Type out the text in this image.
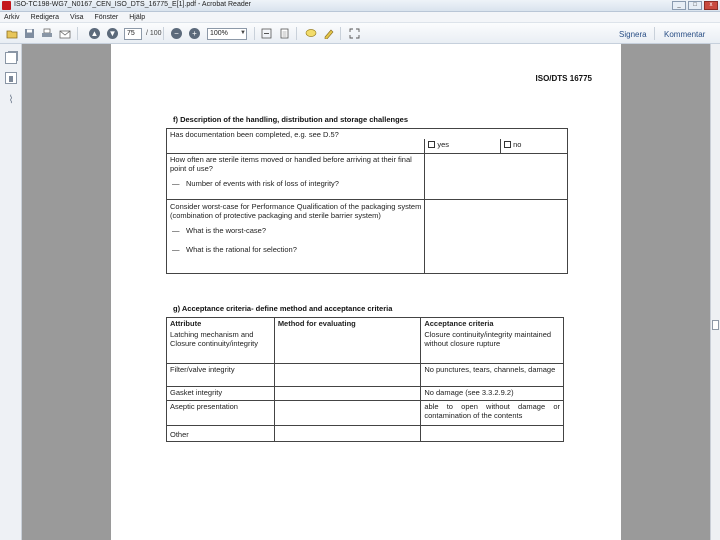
ISO-TC198-WG7_N0167_CEN_ISO_DTS_16775_E[1].pdf - Acrobat Reader	_	□	x
Arkiv Redigera Visa Fönster Hjälp
▲ ▼	75	/ 100	−	+	100%	▼	Signera Kommentar
⌇
ISO/DTS 16775
f) Description of the handling, distribution and storage challenges
Has documentation been completed, e.g. see D.5?		
	yes	no
How often are sterile items moved or handled before arriving at their final point of use?
— Number of events with risk of loss of integrity?		

Consider worst-case for Performance Qualification of the packaging system (combination of protective packaging and sterile barrier system)
— What is the worst-case?
— What is the rational for selection?		

g) Acceptance criteria- define method and acceptance criteria
Attribute	Method for evaluating	Acceptance criteria
Latching mechanism and Closure continuity/integrity		Closure continuity/integrity maintained without closure rupture
Filter/valve integrity		No punctures, tears, channels, damage
Gasket integrity		No damage (see 3.3.2.9.2)
Aseptic presentation		able to open without damage or contamination of the contents
Other		
